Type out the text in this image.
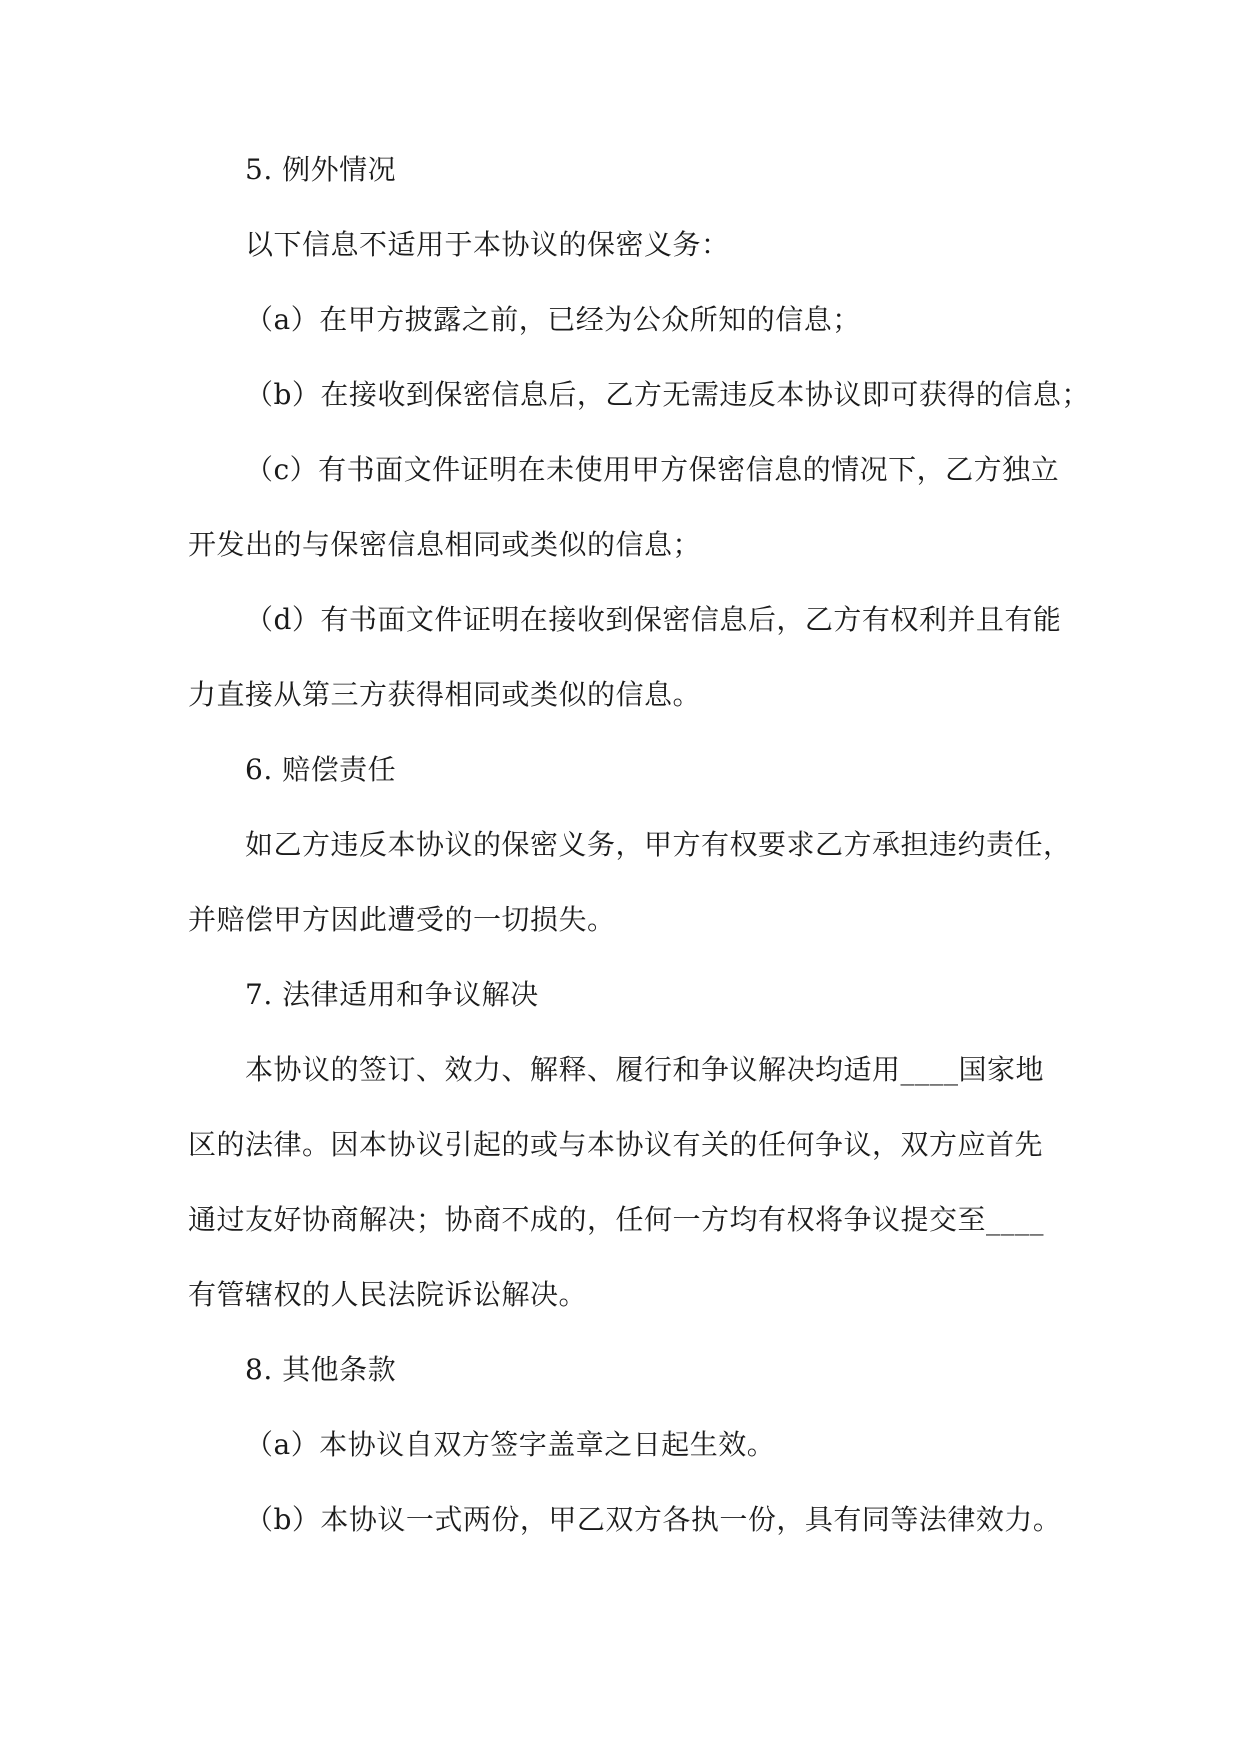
5. 例外情况
以下信息不适用于本协议的保密义务：
（a）在甲方披露之前，已经为公众所知的信息；
（b）在接收到保密信息后，乙方无需违反本协议即可获得的信息；
（c）有书面文件证明在未使用甲方保密信息的情况下，乙方独立
开发出的与保密信息相同或类似的信息；
（d）有书面文件证明在接收到保密信息后，乙方有权利并且有能
力直接从第三方获得相同或类似的信息。
6. 赔偿责任
如乙方违反本协议的保密义务，甲方有权要求乙方承担违约责任，
并赔偿甲方因此遭受的一切损失。
7. 法律适用和争议解决
本协议的签订、效力、解释、履行和争议解决均适用____国家地
区的法律。因本协议引起的或与本协议有关的任何争议，双方应首先
通过友好协商解决；协商不成的，任何一方均有权将争议提交至____
有管辖权的人民法院诉讼解决。
8. 其他条款
（a）本协议自双方签字盖章之日起生效。
（b）本协议一式两份，甲乙双方各执一份，具有同等法律效力。
